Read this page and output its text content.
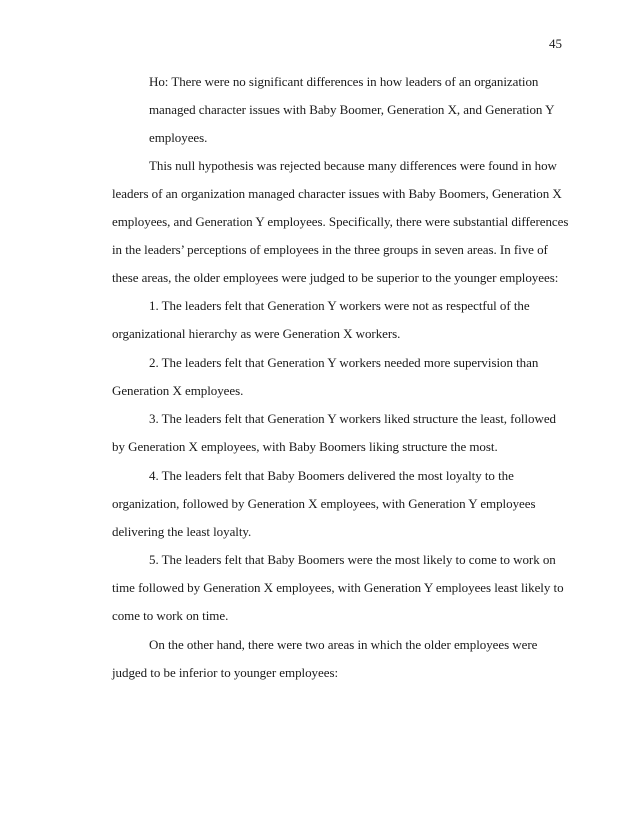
45
Ho: There were no significant differences in how leaders of an organization
managed character issues with Baby Boomer, Generation X, and Generation Y
employees.
This null hypothesis was rejected because many differences were found in how
leaders of an organization managed character issues with Baby Boomers, Generation X
employees, and Generation Y employees. Specifically, there were substantial differences
in the leaders’ perceptions of employees in the three groups in seven areas. In five of
these areas, the older employees were judged to be superior to the younger employees:
1. The leaders felt that Generation Y workers were not as respectful of the
organizational hierarchy as were Generation X workers.
2. The leaders felt that Generation Y workers needed more supervision than
Generation X employees.
3. The leaders felt that Generation Y workers liked structure the least, followed
by Generation X employees, with Baby Boomers liking structure the most.
4. The leaders felt that Baby Boomers delivered the most loyalty to the
organization, followed by Generation X employees, with Generation Y employees
delivering the least loyalty.
5. The leaders felt that Baby Boomers were the most likely to come to work on
time followed by Generation X employees, with Generation Y employees least likely to
come to work on time.
On the other hand, there were two areas in which the older employees were
judged to be inferior to younger employees:
